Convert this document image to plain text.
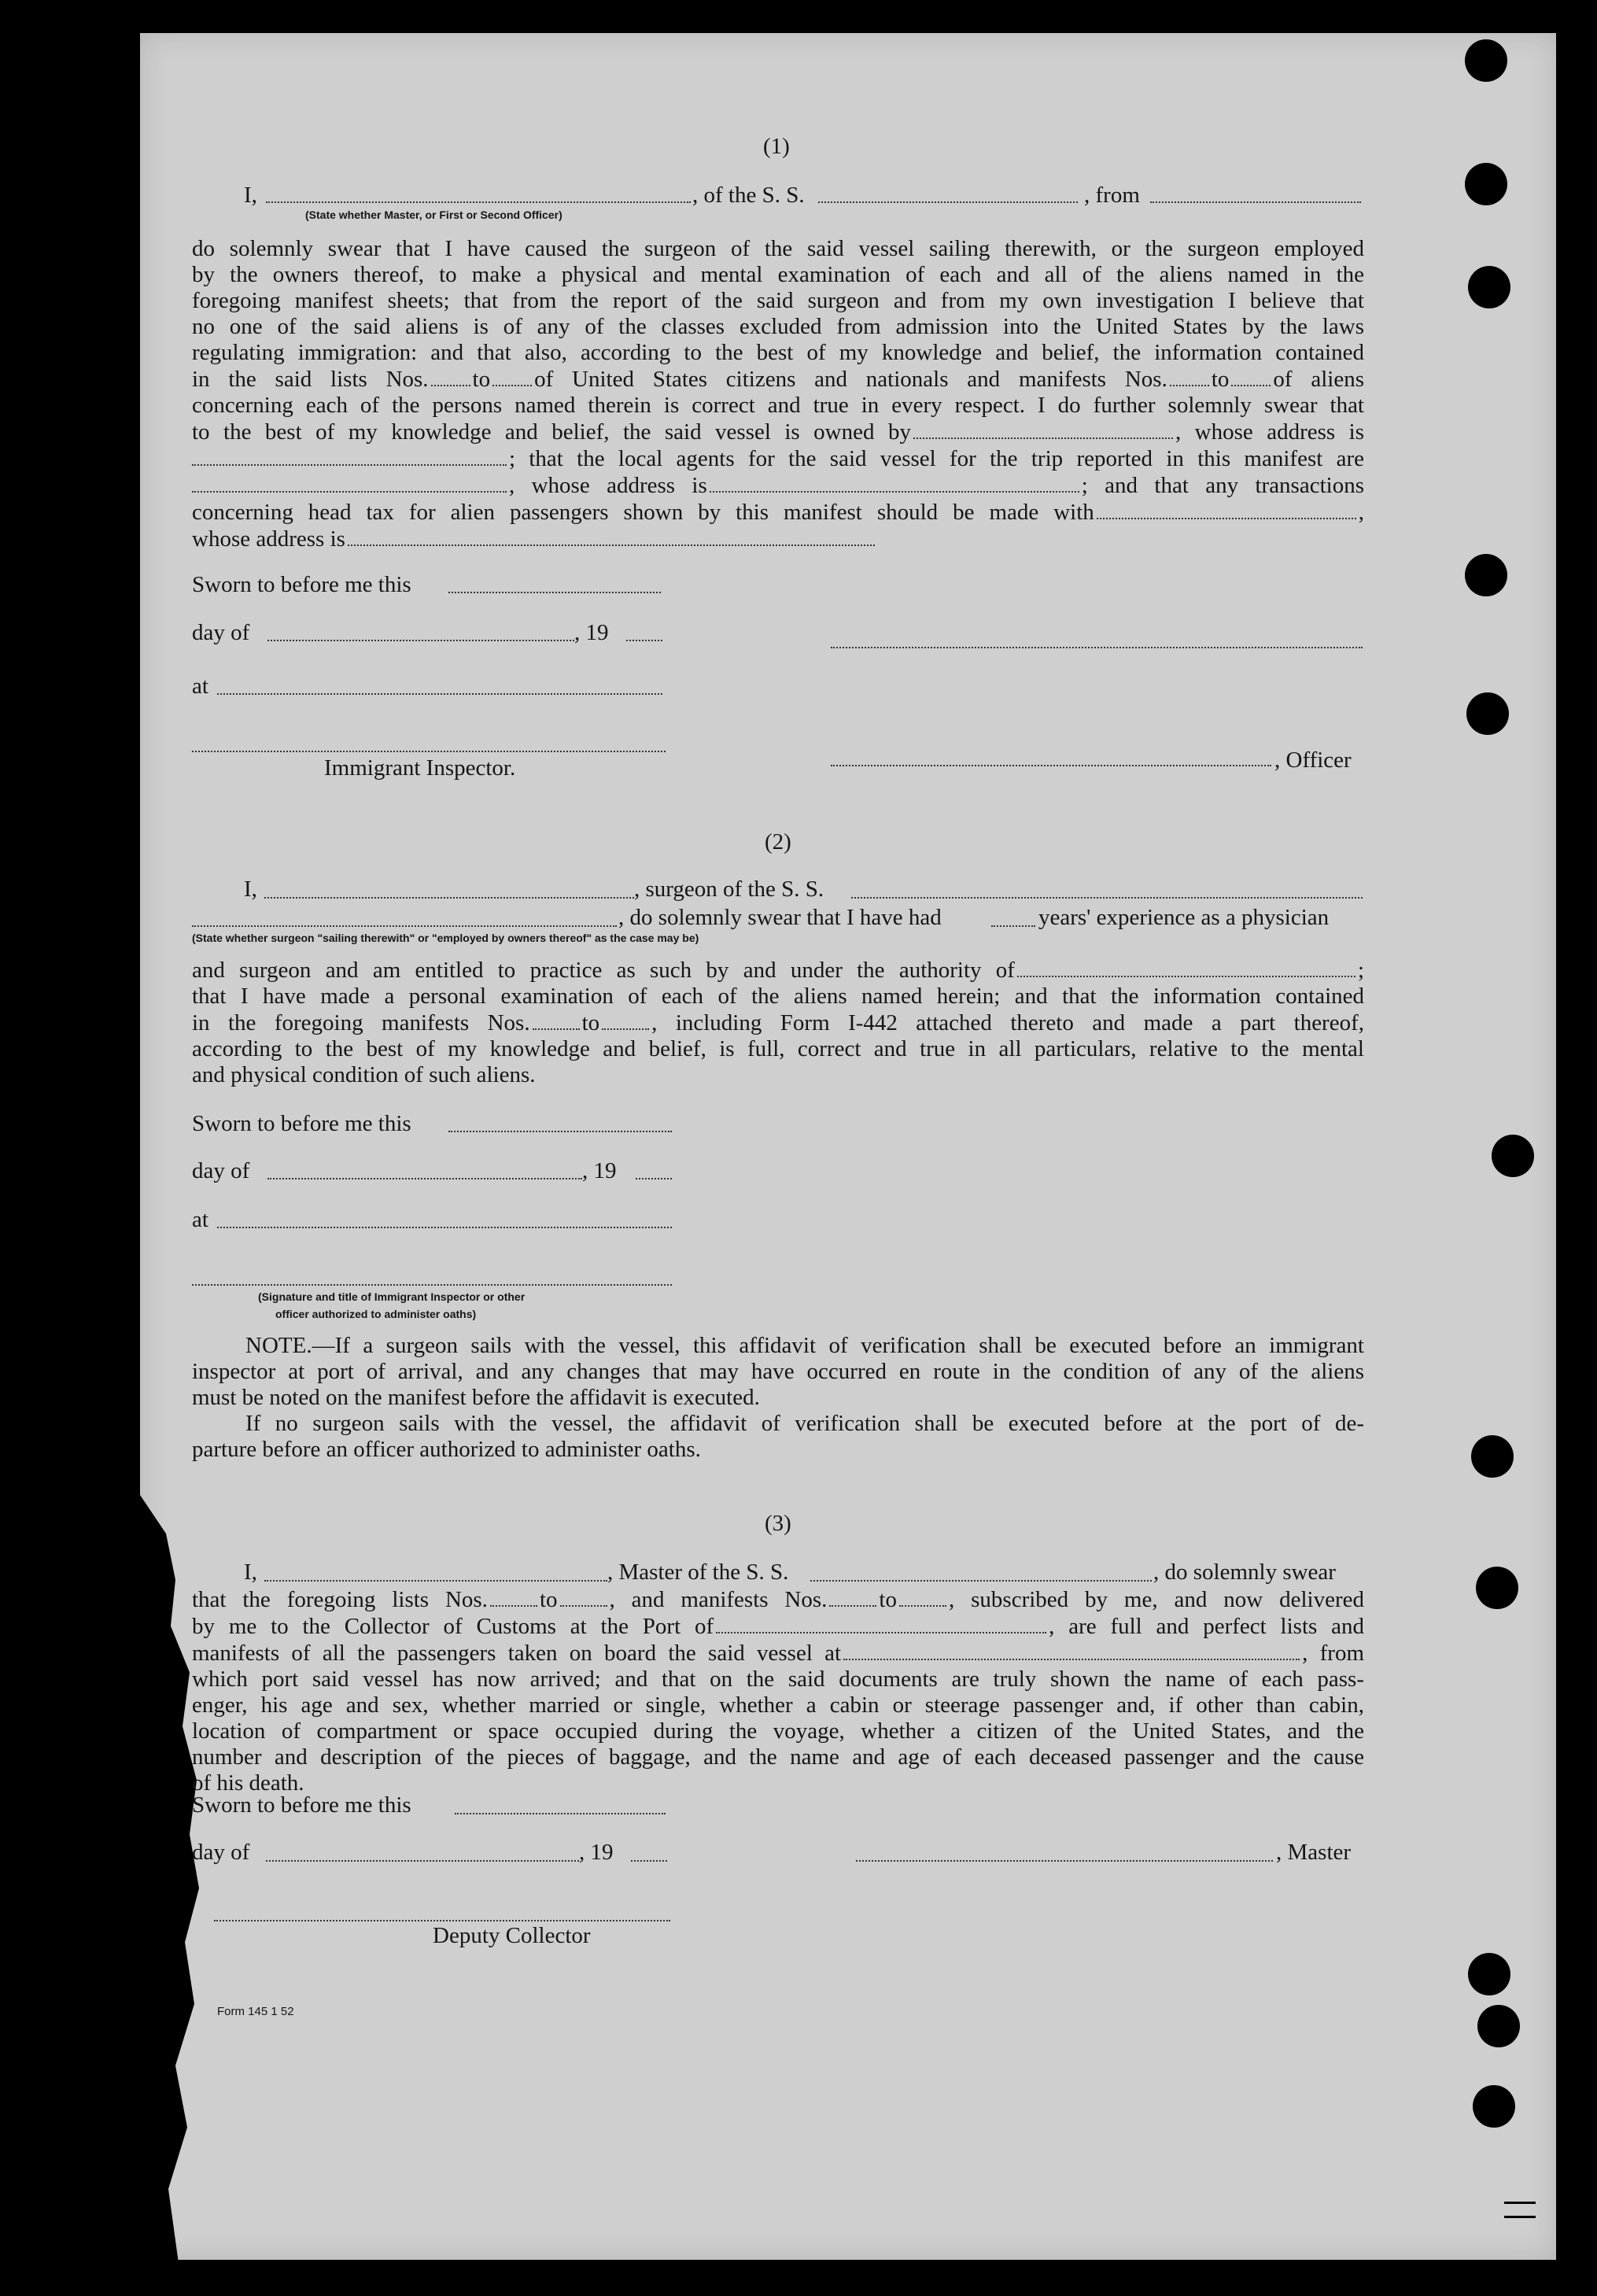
(1)
I,	, of the S. S.	, from
(State whether Master, or First or Second Officer)
do solemnly swear that I have caused the surgeon of the said vessel sailing therewith, or the surgeon employed
by the owners thereof, to make a physical and mental examination of each and all of the aliens named in the
foregoing manifest sheets; that from the report of the said surgeon and from my own investigation I believe that
no one of the said aliens is of any of the classes excluded from admission into the United States by the laws
regulating immigration: and that also, according to the best of my knowledge and belief, the information contained
in the said lists Nos. to of United States citizens and nationals and manifests Nos. to of aliens
concerning each of the persons named therein is correct and true in every respect. I do further solemnly swear that
to the best of my knowledge and belief, the said vessel is owned by	, whose address is
; that the local agents for the said vessel for the trip reported in this manifest are
, whose address is	; and that any transactions
concerning head tax for alien passengers shown by this manifest should be made with	,
whose address is
Sworn to before me this
day of	, 19
at
Immigrant Inspector.	, Officer
(2)
I,	, surgeon of the S. S.
, do solemnly swear that I have had	years' experience as a physician
(State whether surgeon "sailing therewith" or "employed by owners thereof" as the case may be)
and surgeon and am entitled to practice as such by and under the authority of	;
that I have made a personal examination of each of the aliens named herein; and that the information contained
in the foregoing manifests Nos. to , including Form I-442 attached thereto and made a part thereof,
according to the best of my knowledge and belief, is full, correct and true in all particulars, relative to the mental
and physical condition of such aliens.
Sworn to before me this
day of	, 19
at
(Signature and title of Immigrant Inspector or other
officer authorized to administer oaths)
NOTE.—If a surgeon sails with the vessel, this affidavit of verification shall be executed before an immigrant
inspector at port of arrival, and any changes that may have occurred en route in the condition of any of the aliens
must be noted on the manifest before the affidavit is executed.
If no surgeon sails with the vessel, the affidavit of verification shall be executed before at the port of de-
parture before an officer authorized to administer oaths.
(3)
I,	, Master of the S. S.	, do solemnly swear
that the foregoing lists Nos. to , and manifests Nos. to , subscribed by me, and now delivered
by me to the Collector of Customs at the Port of	, are full and perfect lists and
manifests of all the passengers taken on board the said vessel at	, from
which port said vessel has now arrived; and that on the said documents are truly shown the name of each pass-
enger, his age and sex, whether married or single, whether a cabin or steerage passenger and, if other than cabin,
location of compartment or space occupied during the voyage, whether a citizen of the United States, and the
number and description of the pieces of baggage, and the name and age of each deceased passenger and the cause
of his death.
Sworn to before me this
day of	, 19	, Master
Deputy Collector
Form 145 1 52
